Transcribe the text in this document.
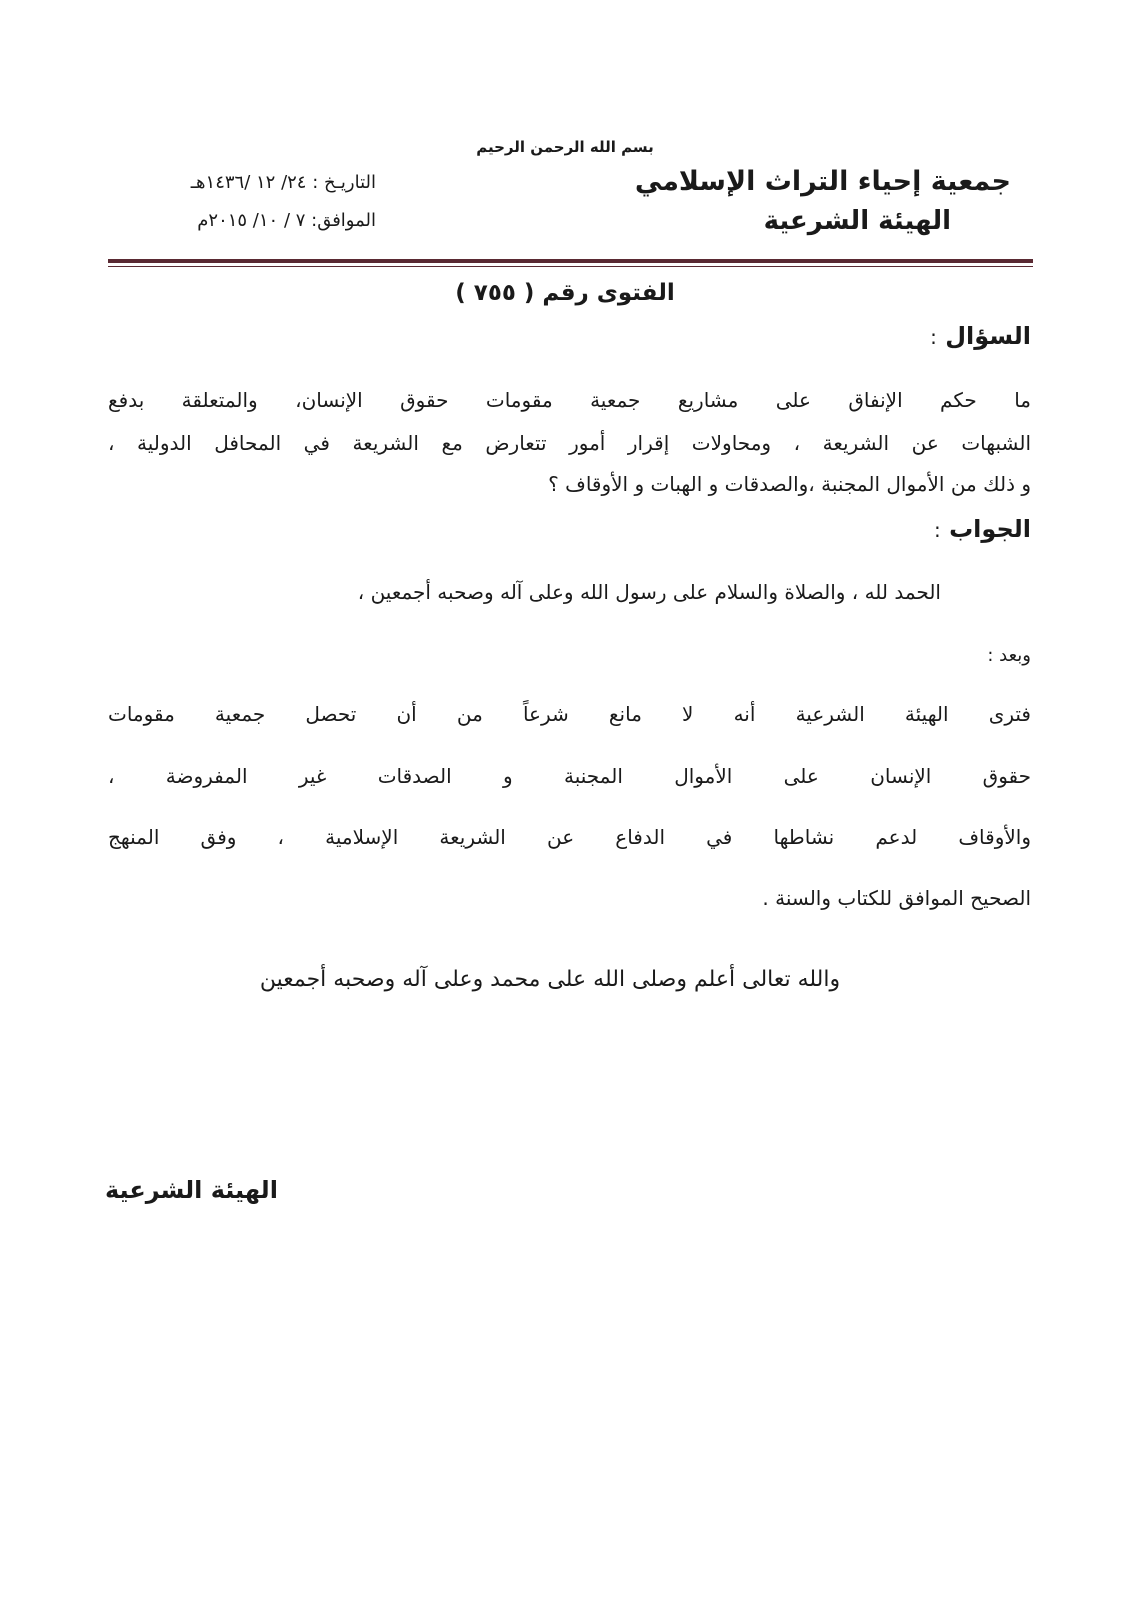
بسم الله الرحمن الرحيم
جمعية إحياء التراث الإسلامي
الهيئة الشرعية
التاريـخ : ٢٤/ ١٢ /١٤٣٦هـ
الموافق: ٧ / ١٠/ ٢٠١٥م
الفتوى رقم ( ٧٥٥ )
السؤال :
ما حكم الإنفاق على مشاريع جمعية مقومات حقوق الإنسان، والمتعلقة بدفع
الشبهات عن الشريعة ، ومحاولات إقرار أمور تتعارض مع الشريعة في المحافل الدولية ،
و ذلك من الأموال المجنبة ،والصدقات و الهبات و الأوقاف ؟
الجواب :
الحمد لله ، والصلاة والسلام على رسول الله وعلى آله وصحبه أجمعين ،
وبعد :
فترى الهيئة الشرعية أنه لا مانع شرعاً من أن تحصل جمعية مقومات
حقوق الإنسان على الأموال المجنبة و الصدقات غير المفروضة ،
والأوقاف لدعم نشاطها في الدفاع عن الشريعة الإسلامية ، وفق المنهج
الصحيح الموافق للكتاب والسنة .
والله تعالى أعلم وصلى الله على محمد وعلى آله وصحبه أجمعين
الهيئة الشرعية
